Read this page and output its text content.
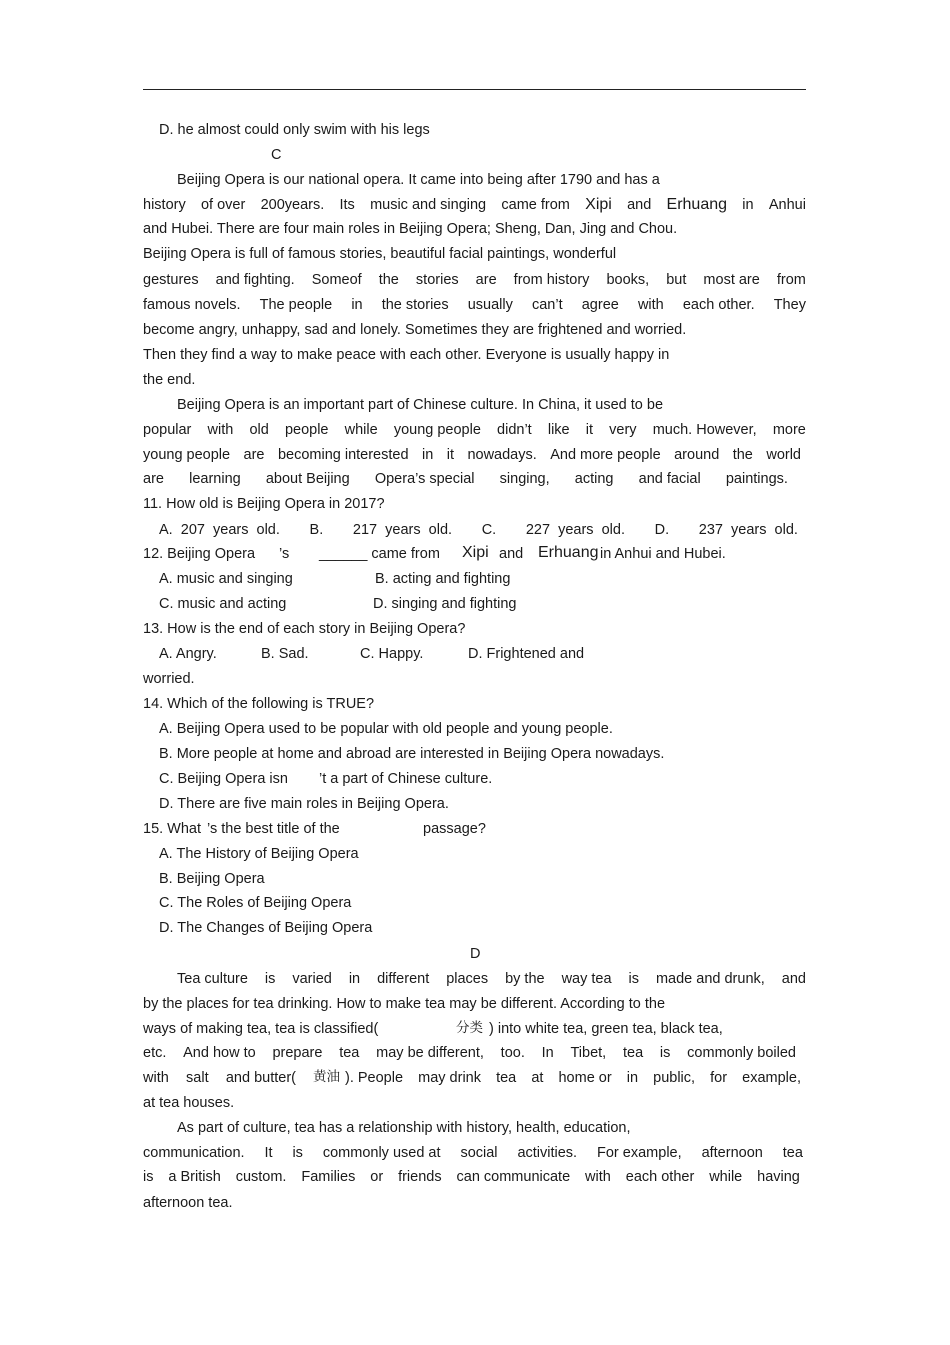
D. he almost could only swim with his legs
C
Beijing Opera is our national opera. It came into being after 1790 and has a
history of over 200years. Its music and singing came from Xipi and Erhuang in Anhui
and Hubei. There are four main roles in Beijing Opera; Sheng, Dan, Jing and Chou.
Beijing Opera is full of famous stories, beautiful facial paintings, wonderful
gestures and fighting. Someof the stories are from history books, but most are from
famous novels. The people in the stories usually can’t agree with each other. They
become angry, unhappy, sad and lonely. Sometimes they are frightened and worried.
Then they find a way to make peace with each other. Everyone is usually happy in
the end.
Beijing Opera is an important part of Chinese culture. In China, it used to be
popular with old people while young people didn’t like it very much. However, more
young people are becoming interested in it nowadays. And more people around the world
are learning about Beijing Opera’s special singing, acting and facial paintings.
11. How old is Beijing Opera in 2017?
A.  207  years  old. B. 217  years  old. C. 227  years  old. D. 237  years  old.
12. Beijing Opera ’s ______ came from Xipi and Erhuang in Anhui and Hubei.
A. music and singing	B. acting and fighting
C. music and acting	D. singing and fighting
13. How is the end of each story in Beijing Opera?
A. Angry.	B. Sad.	C. Happy.	D. Frightened and
worried.
14. Which of the following is TRUE?
A. Beijing Opera used to be popular with old people and young people.
B. More people at home and abroad are interested in Beijing Opera nowadays.
C. Beijing Opera isn ’t a part of Chinese culture.
D. There are five main roles in Beijing Opera.
15. What ’s the best title of the	passage?
A. The History of Beijing Opera
B. Beijing Opera
C. The Roles of Beijing Opera
D. The Changes of Beijing Opera
D
Tea culture is varied in different places by the way tea is made and drunk, and
by the places for tea drinking. How to make tea may be different. According to the
ways of making tea, tea is classified(	分类 ) into white tea, green tea, black tea,
etc. And how to prepare tea may be different, too. In Tibet, tea is commonly boiled
with salt and butter( 黄油 ). People may drink tea at home or in public, for example,
at tea houses.
As part of culture, tea has a relationship with history, health, education,
communication. It is commonly used at social activities. For example, afternoon tea
is a British custom. Families or friends can communicate with each other while having
afternoon tea.
